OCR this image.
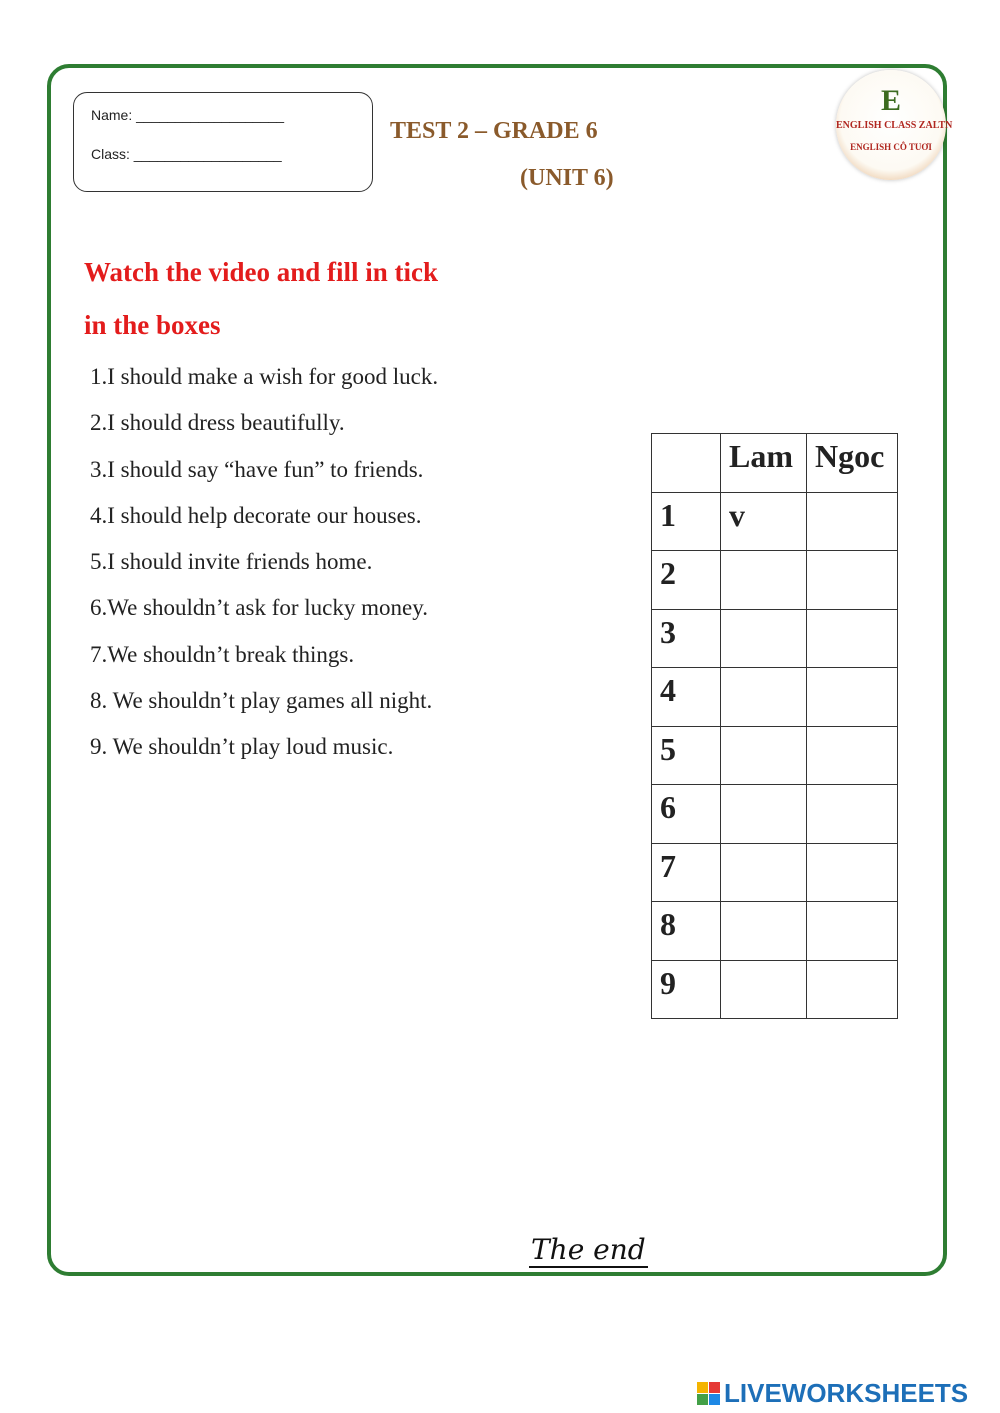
Name: ___________________
Class: ___________________
TEST 2 – GRADE 6
(UNIT 6)
E
ENGLISH CLASS ZALTN
ENGLISH CÔ TUƠI
Watch the video and fill in tick
in the boxes
1.I should make a wish for good luck.
2.I should dress beautifully.
3.I should say “have fun” to friends.
4.I should help decorate our houses.
5.I should invite friends home.
6.We shouldn’t ask for lucky money.
7.We shouldn’t break things.
8. We shouldn’t play games all night.
9. We shouldn’t play loud music.
	Lam	Ngoc
1	v	
2		
3		
4		
5		
6		
7		
8		
9		
The end
LIVEWORKSHEETS
